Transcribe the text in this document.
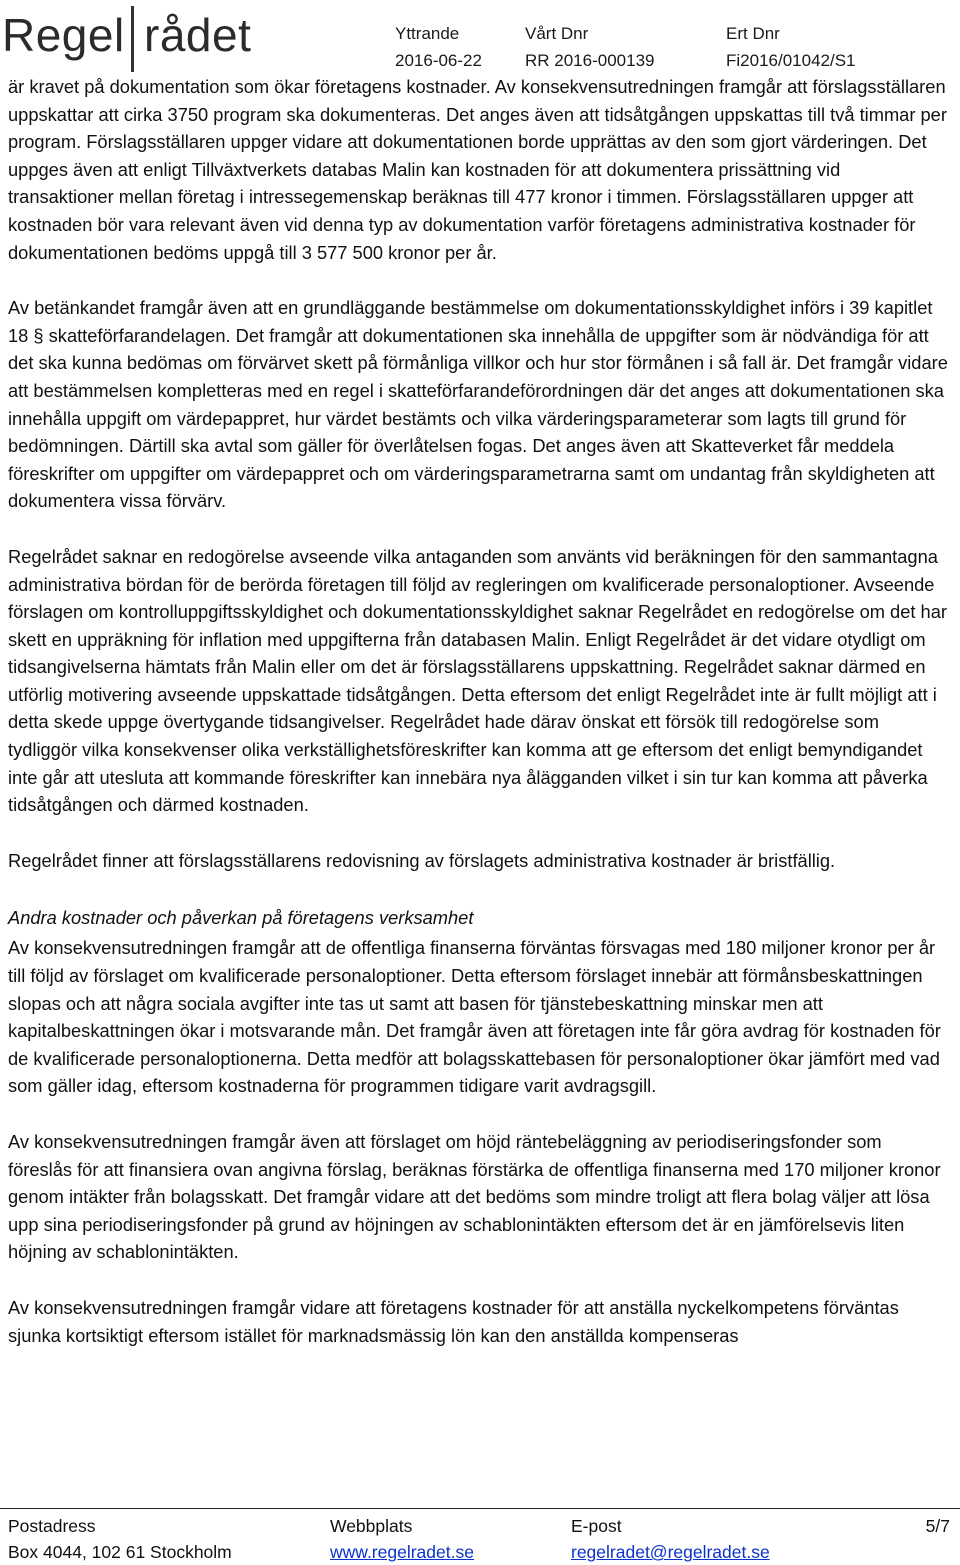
Regel rådet	Yttrande
2016-06-22
Vårt Dnr
RR 2016-000139
Ert Dnr
Fi2016/01042/S1

är kravet på dokumentation som ökar företagens kostnader. Av konsekvensutredningen framgår att förslagsställaren uppskattar att cirka 3750 program ska dokumenteras. Det anges även att tidsåtgången uppskattas till två timmar per program. Förslagsställaren uppger vidare att dokumentationen borde upprättas av den som gjort värderingen. Det uppges även att enligt Tillväxtverkets databas Malin kan kostnaden för att dokumentera prissättning vid transaktioner mellan företag i intressegemenskap beräknas till 477 kronor i timmen. Förslagsställaren uppger att kostnaden bör vara relevant även vid denna typ av dokumentation varför företagens administrativa kostnader för dokumentationen bedöms uppgå till 3 577 500 kronor per år.

Av betänkandet framgår även att en grundläggande bestämmelse om dokumentationsskyldighet införs i 39 kapitlet 18 § skatteförfarandelagen. Det framgår att dokumentationen ska innehålla de uppgifter som är nödvändiga för att det ska kunna bedömas om förvärvet skett på förmånliga villkor och hur stor förmånen i så fall är. Det framgår vidare att bestämmelsen kompletteras med en regel i skatteförfarandeförordningen där det anges att dokumentationen ska innehålla uppgift om värdepappret, hur värdet bestämts och vilka värderingsparameterar som lagts till grund för bedömningen. Därtill ska avtal som gäller för överlåtelsen fogas. Det anges även att Skatteverket får meddela föreskrifter om uppgifter om värdepappret och om värderingsparametrarna samt om undantag från skyldigheten att dokumentera vissa förvärv.

Regelrådet saknar en redogörelse avseende vilka antaganden som använts vid beräkningen för den sammantagna administrativa bördan för de berörda företagen till följd av regleringen om kvalificerade personaloptioner. Avseende förslagen om kontrolluppgiftsskyldighet och dokumentationsskyldighet saknar Regelrådet en redogörelse om det har skett en uppräkning för inflation med uppgifterna från databasen Malin. Enligt Regelrådet är det vidare otydligt om tidsangivelserna hämtats från Malin eller om det är förslagsställarens uppskattning. Regelrådet saknar därmed en utförlig motivering avseende uppskattade tidsåtgången. Detta eftersom det enligt Regelrådet inte är fullt möjligt att i detta skede uppge övertygande tidsangivelser. Regelrådet hade därav önskat ett försök till redogörelse som tydliggör vilka konsekvenser olika verkställighetsföreskrifter kan komma att ge eftersom det enligt bemyndigandet inte går att utesluta att kommande föreskrifter kan innebära nya ålägganden vilket i sin tur kan komma att påverka tidsåtgången och därmed kostnaden.

Regelrådet finner att förslagsställarens redovisning av förslagets administrativa kostnader är bristfällig.

Andra kostnader och påverkan på företagens verksamhet

Av konsekvensutredningen framgår att de offentliga finanserna förväntas försvagas med 180 miljoner kronor per år till följd av förslaget om kvalificerade personaloptioner. Detta eftersom förslaget innebär att förmånsbeskattningen slopas och att några sociala avgifter inte tas ut samt att basen för tjänstebeskattning minskar men att kapitalbeskattningen ökar i motsvarande mån. Det framgår även att företagen inte får göra avdrag för kostnaden för de kvalificerade personaloptionerna. Detta medför att bolagsskattebasen för personaloptioner ökar jämfört med vad som gäller idag, eftersom kostnaderna för programmen tidigare varit avdragsgill.

Av konsekvensutredningen framgår även att förslaget om höjd räntebeläggning av periodiseringsfonder som föreslås för att finansiera ovan angivna förslag, beräknas förstärka de offentliga finanserna med 170 miljoner kronor genom intäkter från bolagsskatt. Det framgår vidare att det bedöms som mindre troligt att flera bolag väljer att lösa upp sina periodiseringsfonder på grund av höjningen av schablonintäkten eftersom det är en jämförelsevis liten höjning av schablonintäkten.

Av konsekvensutredningen framgår vidare att företagens kostnader för att anställa nyckelkompetens förväntas sjunka kortsiktigt eftersom istället för marknadsmässig lön kan den anställda kompenseras

Postadress
Box 4044, 102 61 Stockholm
Webbplats
www.regelradet.se
E-post
regelradet@regelradet.se
5/7
